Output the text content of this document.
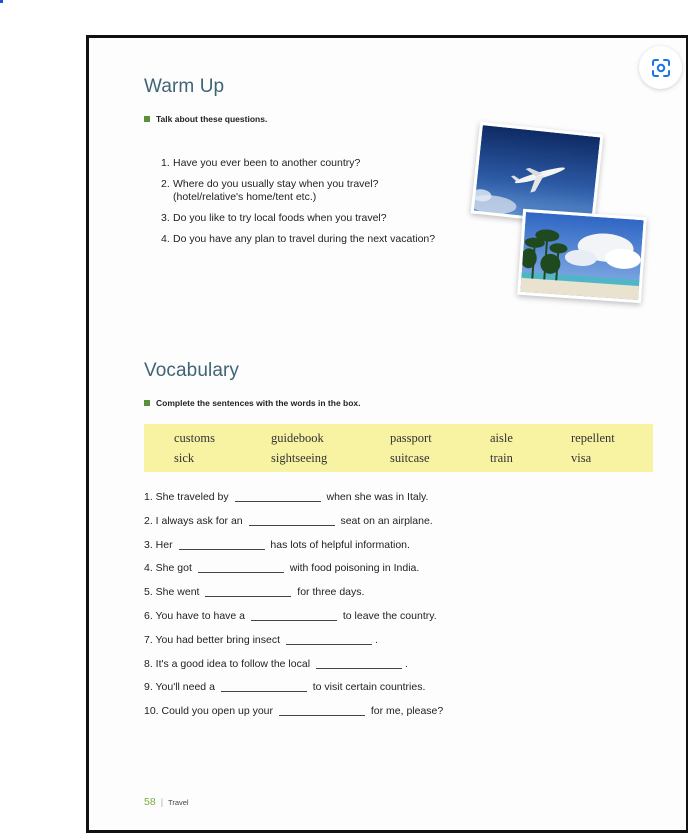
Warm Up
Talk about these questions.
1. Have you ever been to another country?
2. Where do you usually stay when you travel?
(hotel/relative's home/tent etc.)
3. Do you like to try local foods when you travel?
4. Do you have any plan to travel during the next vacation?
Vocabulary
Complete the sentences with the words in the box.
customs	guidebook	passport	aisle	repellent
sick	sightseeing	suitcase	train	visa
1. She traveled by	when she was in Italy.
2. I always ask for an	seat on an airplane.
3. Her	has lots of helpful information.
4. She got	with food poisoning in India.
5. She went	for three days.
6. You have to have a	to leave the country.
7. You had better bring insect	.
8. It's a good idea to follow the local	.
9. You'll need a	to visit certain countries.
10. Could you open up your	for me, please?
58 | Travel
